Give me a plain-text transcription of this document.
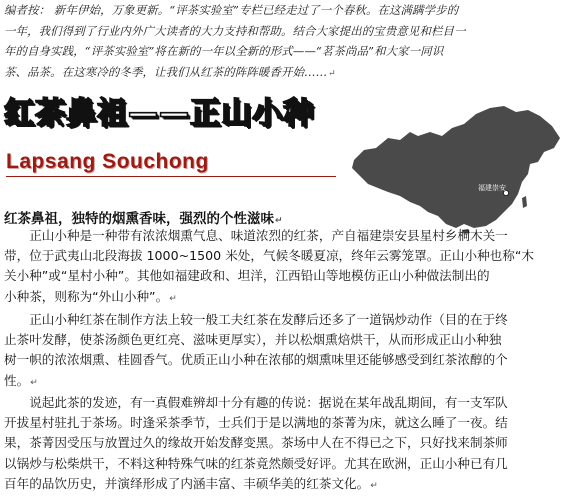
编者按： 新年伊始，万象更新。“评茶实验室”专栏已经走过了一个春秋。在这满蹒学步的
一年，我们得到了行业内外广大读者的大力支持和帮助。结合大家提出的宝贵意见和栏目一
年的自身实践，“评茶实验室”将在新的一年以全新的形式——“茗茶尚品”和大家一同识
茶、品茶。在这寒冷的冬季，让我们从红茶的阵阵暖香开始……↵
红茶鼻祖——正山小种
福建崇安
Lapsang Souchong
红茶鼻祖，独特的烟熏香味，强烈的个性滋味↵
　　正山小种是一种带有浓浓烟熏气息、味道浓烈的红茶，产自福建崇安县星村乡桐木关一
带，位于武夷山北段海拔 1000~1500 米处，气候冬暖夏凉，终年云雾笼罩。正山小种也称“木
关小种”或“星村小种”。其他如福建政和、坦洋，江西铅山等地模仿正山小种做法制出的
小种茶，则称为“外山小种”。↵
　　正山小种红茶在制作方法上较一般工夫红茶在发酵后还多了一道锅炒动作（目的在于终
止茶叶发酵，使茶汤颜色更红亮、滋味更厚实），并以松烟熏焙烘干，从而形成正山小种独
树一帜的浓浓烟熏、桂圆香气。优质正山小种在浓郁的烟熏味里还能够感受到红茶浓醇的个
性。↵
　　说起此茶的发迹，有一真假难辨却十分有趣的传说：据说在某年战乱期间，有一支军队
开拔星村驻扎于茶场。时逢采茶季节，士兵们于是以满地的茶菁为床，就这么睡了一夜。结
果，茶菁因受压与放置过久的缘故开始发酵变黑。茶场中人在不得已之下，只好找来制茶师
以锅炒与松柴烘干，不料这种特殊气味的红茶竟然颇受好评。尤其在欧洲，正山小种已有几
百年的品饮历史，并演绎形成了内涵丰富、丰硕华美的红茶文化。↵
